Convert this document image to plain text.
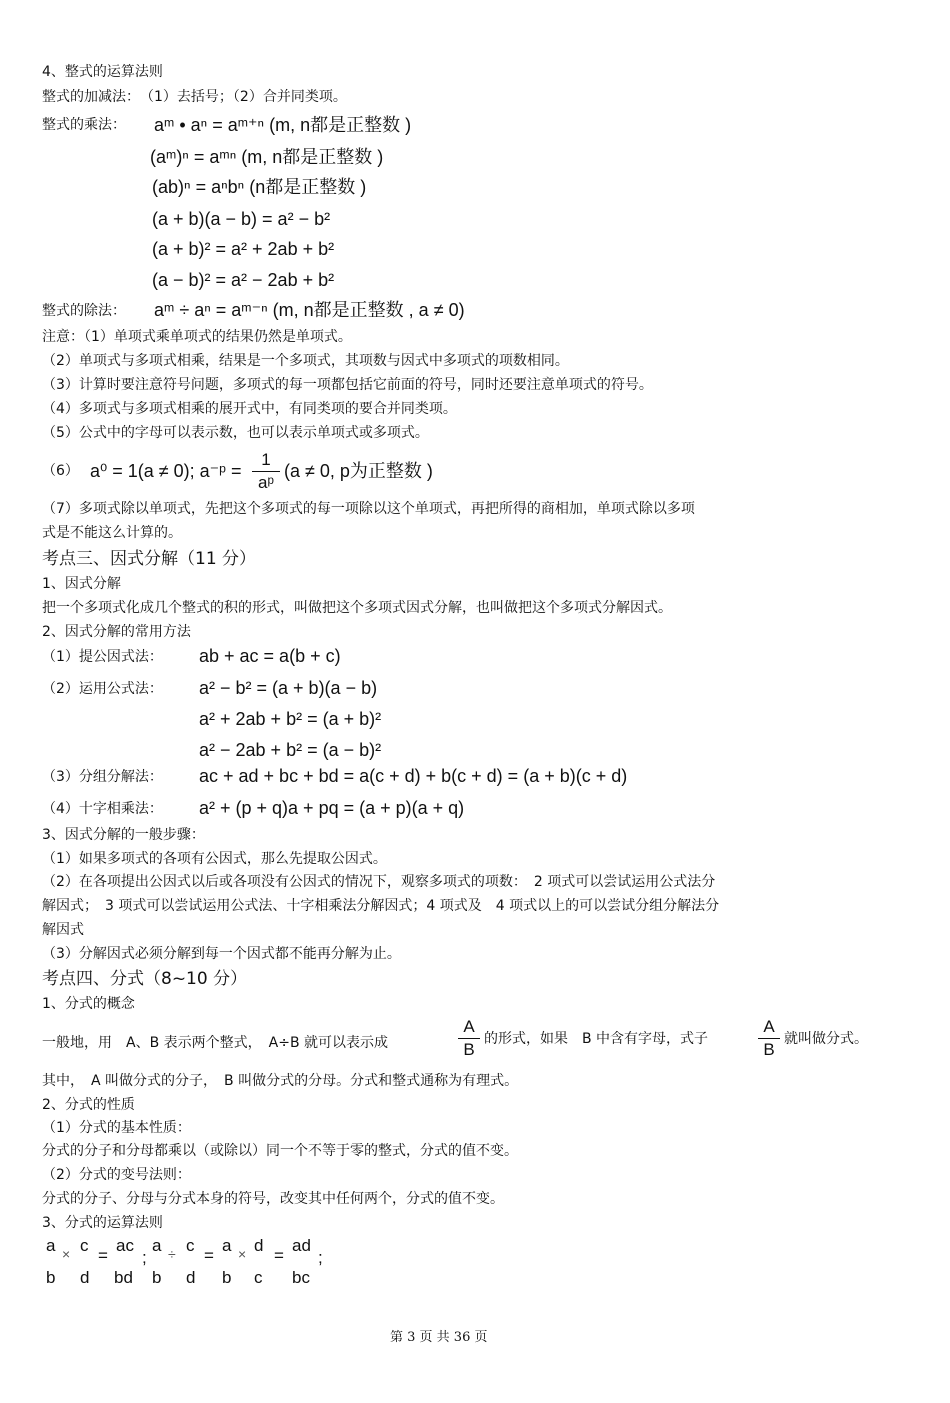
4、整式的运算法则
整式的加减法：　（1）去括号；（2）合并同类项。
整式的乘法： aᵐ • aⁿ = aᵐ⁺ⁿ (m, n都是正整数 )
(aᵐ)ⁿ = aᵐⁿ (m, n都是正整数 )
(ab)ⁿ = aⁿbⁿ (n都是正整数 )
(a + b)(a − b) = a² − b²
(a + b)² = a² + 2ab + b²
(a − b)² = a² − 2ab + b²
整式的除法： aᵐ ÷ aⁿ = aᵐ⁻ⁿ (m, n都是正整数 , a ≠ 0)
注意：（1）单项式乘单项式的结果仍然是单项式。
（2）单项式与多项式相乘，结果是一个多项式，其项数与因式中多项式的项数相同。
（3）计算时要注意符号问题，多项式的每一项都包括它前面的符号，同时还要注意单项式的符号。
（4）多项式与多项式相乘的展开式中，有同类项的要合并同类项。
（5）公式中的字母可以表示数，也可以表示单项式或多项式。
（6） a⁰ = 1(a ≠ 0); a⁻ᵖ =
1
aᵖ
(a ≠ 0, p为正整数 )
（7）多项式除以单项式，先把这个多项式的每一项除以这个单项式，再把所得的商相加，单项式除以多项
式是不能这么计算的。
考点三、因式分解（11 分）
1、因式分解
把一个多项式化成几个整式的积的形式，叫做把这个多项式因式分解，也叫做把这个多项式分解因式。
2、因式分解的常用方法
（1）提公因式法： ab + ac = a(b + c)
（2）运用公式法： a² − b² = (a + b)(a − b)
a² + 2ab + b² = (a + b)²
a² − 2ab + b² = (a − b)²
（3）分组分解法： ac + ad + bc + bd = a(c + d) + b(c + d) = (a + b)(c + d)
（4）十字相乘法： a² + (p + q)a + pq = (a + p)(a + q)
3、因式分解的一般步骤：
（1）如果多项式的各项有公因式，那么先提取公因式。
（2）在各项提出公因式以后或各项没有公因式的情况下，观察多项式的项数：　2 项式可以尝试运用公式法分
解因式；　3 项式可以尝试运用公式法、十字相乘法分解因式；4 项式及　4 项式以上的可以尝试分组分解法分
解因式
（3）分解因式必须分解到每一个因式都不能再分解为止。
考点四、分式（8~10 分）
1、分式的概念
一般地，用　A、B 表示两个整式，　A÷B 就可以表示成
A
B
的形式，如果　B 中含有字母，式子
A
B
就叫做分式。
其中，　A 叫做分式的分子，　B 叫做分式的分母。分式和整式通称为有理式。
2、分式的性质
（1）分式的基本性质：
分式的分子和分母都乘以（或除以）同一个不等于零的整式，分式的值不变。
（2）分式的变号法则：
分式的分子、分母与分式本身的符号，改变其中任何两个，分式的值不变。
3、分式的运算法则
a
b
× c
d
=
ac
bd
;
a
b
÷ c
d
=
a
b
× d
c
=
ad
bc
;
第 3 页 共 36 页
